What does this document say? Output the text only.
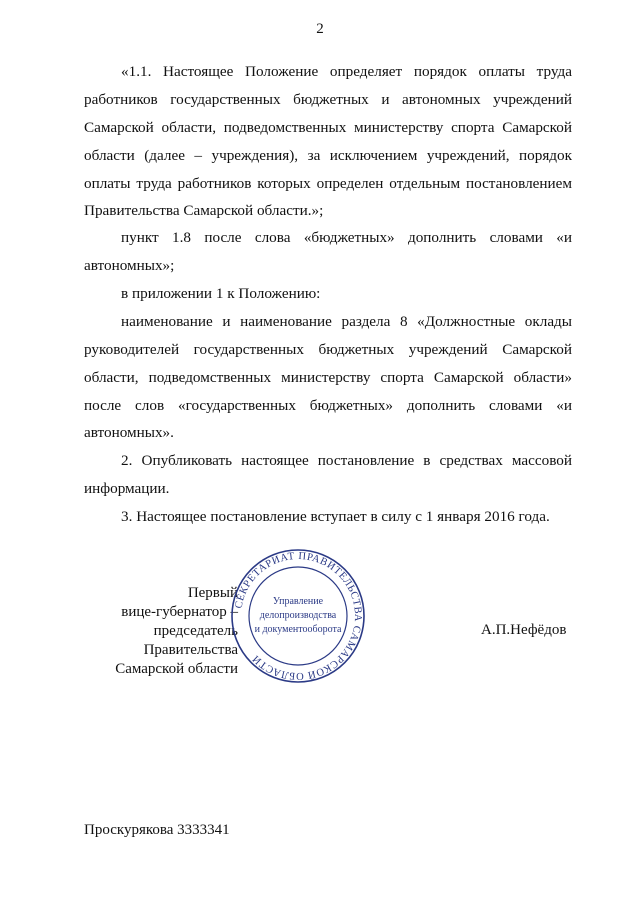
2
«1.1. Настоящее Положение определяет порядок оплаты труда
работников государственных бюджетных и автономных учреждений
Самарской области, подведомственных министерству спорта Самарской
области (далее – учреждения), за исключением учреждений, порядок
оплаты труда работников которых определен отдельным постановлением
Правительства Самарской области.»;
пункт 1.8 после слова «бюджетных» дополнить словами «и
автономных»;
в приложении 1 к Положению:
наименование и наименование раздела 8 «Должностные оклады
руководителей государственных бюджетных учреждений Самарской
области, подведомственных министерству спорта Самарской области»
после слов «государственных бюджетных» дополнить словами «и
автономных».
2. Опубликовать настоящее постановление в средствах массовой
информации.
3. Настоящее постановление вступает в силу с 1 января 2016 года.
Первый
вице-губернатор –
председатель Правительства
Самарской области
А.П.Нефёдов
СЕКРЕТАРИАТ ПРАВИТЕЛЬСТВА САМАРСКОЙ ОБЛАСТИ
Управление
делопроизводства
и документооборота
Проскурякова 3333341
